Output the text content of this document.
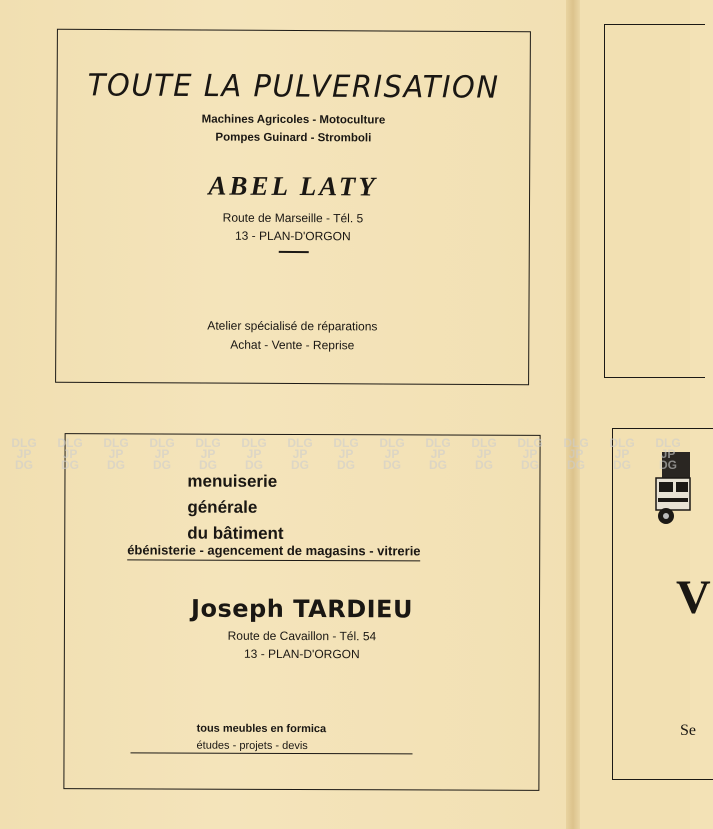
TOUTE LA PULVERISATION
Machines Agricoles - Motoculture
Pompes Guinard - Stromboli
ABEL LATY
Route de Marseille - Tél. 5
13 - PLAN-D'ORGON
Atelier spécialisé de réparations
Achat - Vente - Reprise
menuiserie
générale
du bâtiment
ébénisterie - agencement de magasins - vitrerie
Joseph TARDIEU
Route de Cavaillon - Tél. 54
13 - PLAN-D'ORGON
tous meubles en formica
études - projets - devis
V
Se
DLG
JP
DG
DLG
JP
DG
DLG
JP
DG
DLG
JP
DG
DLG
JP
DG
DLG
JP
DG
DLG
JP
DG
DLG
JP
DG
DLG
JP
DG
DLG
JP
DG
DLG
JP
DG
DLG
JP
DG
DLG
JP
DG
DLG
JP
DG
DLG
JP
DG
